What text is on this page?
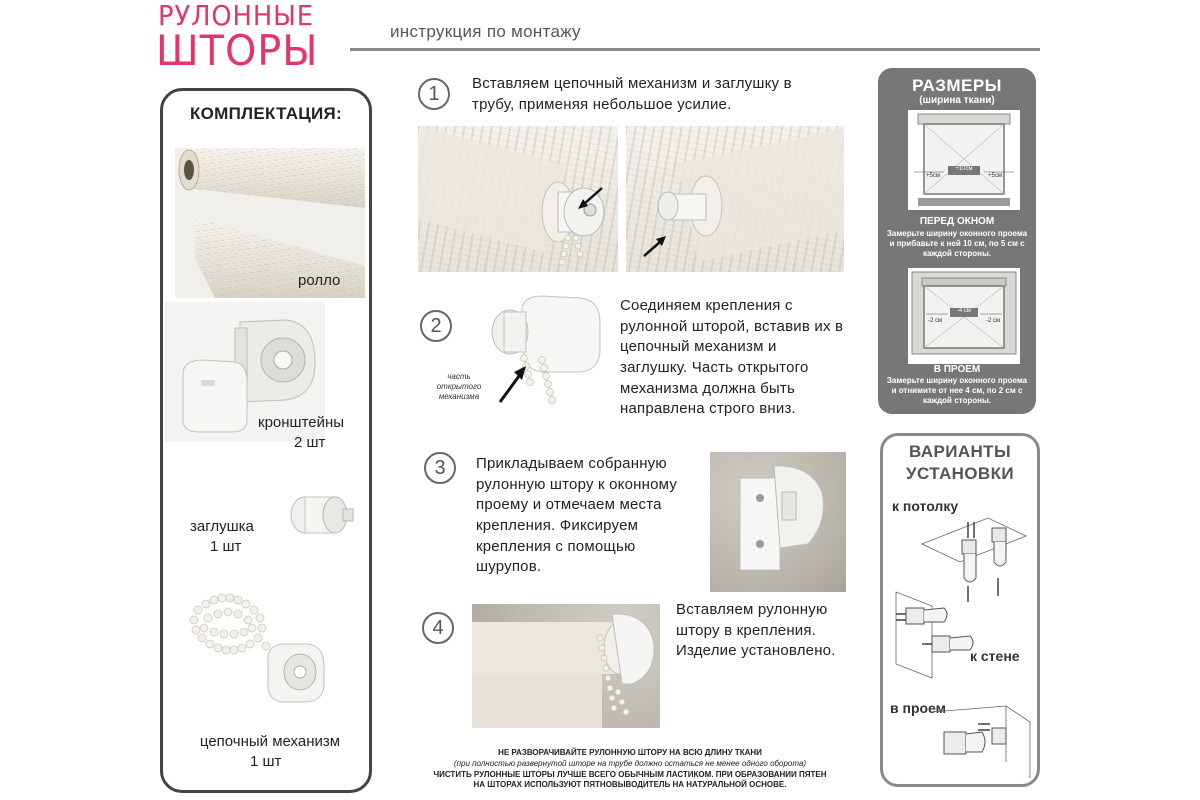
РУЛОННЫЕ
ШТОРЫ	инструкция по монтажу
КОМПЛЕКТАЦИЯ:
ролло
кронштейны
2 шт
заглушка
1 шт
цепочный механизм
1 шт
1	Вставляем цепочный механизм и заглушку в трубу, применяя небольшое усилие.
2
часть открытого механизма
Соединяем крепления с рулонной шторой, вставив их в цепочный механизм и заглушку. Часть открытого механизма должна быть направлена строго вниз.
3	Прикладываем собранную рулонную штору к оконному проему и отмечаем места крепления. Фиксируем крепления с помощью шурупов.
4
Вставляем рулонную штору в крепления. Изделие установлено.
РАЗМЕРЫ
(ширина ткани)
+10см
+5см	+5см
ПЕРЕД ОКНОМ
Замерьте ширину оконного проема и прибавьте к ней 10 см, по 5 см с каждой стороны.
-4 см
-2 см	-2 см
В ПРОЕМ
Замерьте ширину оконного проема и отнимите от нее 4 см, по 2 см с каждой стороны.
ВАРИАНТЫ
УСТАНОВКИ
к потолку
к стене
в проем
НЕ РАЗВОРАЧИВАЙТЕ РУЛОННУЮ ШТОРУ НА ВСЮ ДЛИНУ ТКАНИ
(при полностью развернутой шторе на трубе должно остаться не менее одного оборота)
ЧИСТИТЬ РУЛОННЫЕ ШТОРЫ ЛУЧШЕ ВСЕГО ОБЫЧНЫМ ЛАСТИКОМ. ПРИ ОБРАЗОВАНИИ ПЯТЕН
НА ШТОРАХ ИСПОЛЬЗУЮТ ПЯТНОВЫВОДИТЕЛЬ НА НАТУРАЛЬНОЙ ОСНОВЕ.
